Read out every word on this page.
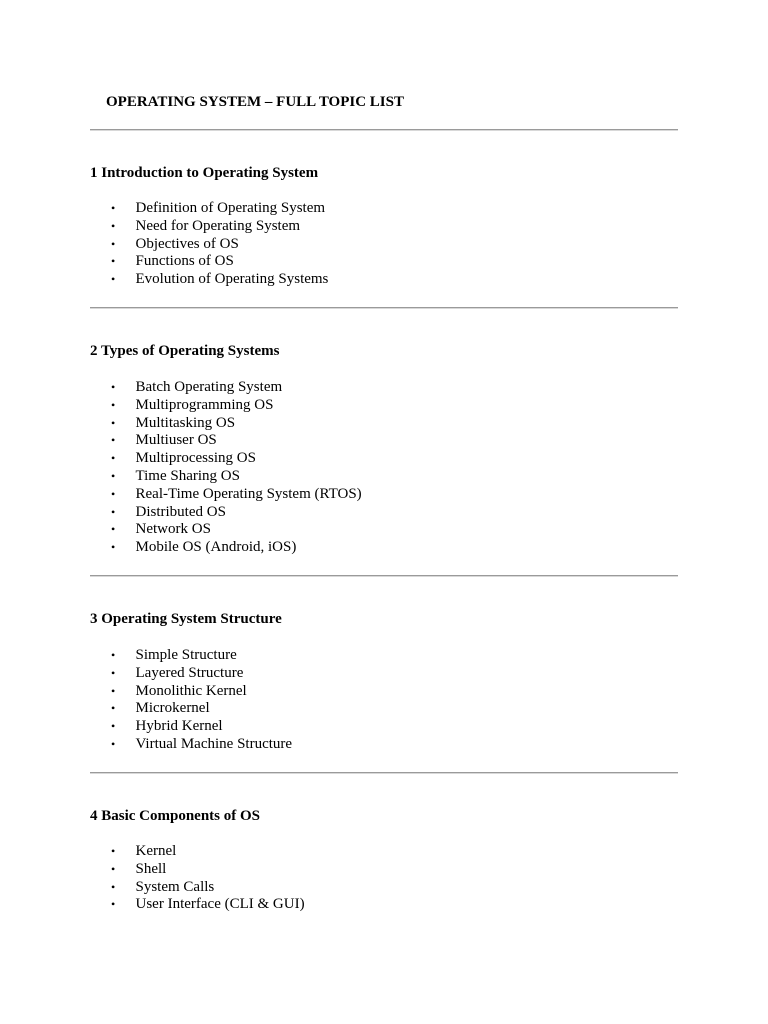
OPERATING SYSTEM – FULL TOPIC LIST
1 Introduction to Operating System
• Definition of Operating System
• Need for Operating System
• Objectives of OS
• Functions of OS
• Evolution of Operating Systems
2 Types of Operating Systems
• Batch Operating System
• Multiprogramming OS
• Multitasking OS
• Multiuser OS
• Multiprocessing OS
• Time Sharing OS
• Real-Time Operating System (RTOS)
• Distributed OS
• Network OS
• Mobile OS (Android, iOS)
3 Operating System Structure
• Simple Structure
• Layered Structure
• Monolithic Kernel
• Microkernel
• Hybrid Kernel
• Virtual Machine Structure
4 Basic Components of OS
• Kernel
• Shell
• System Calls
• User Interface (CLI & GUI)
